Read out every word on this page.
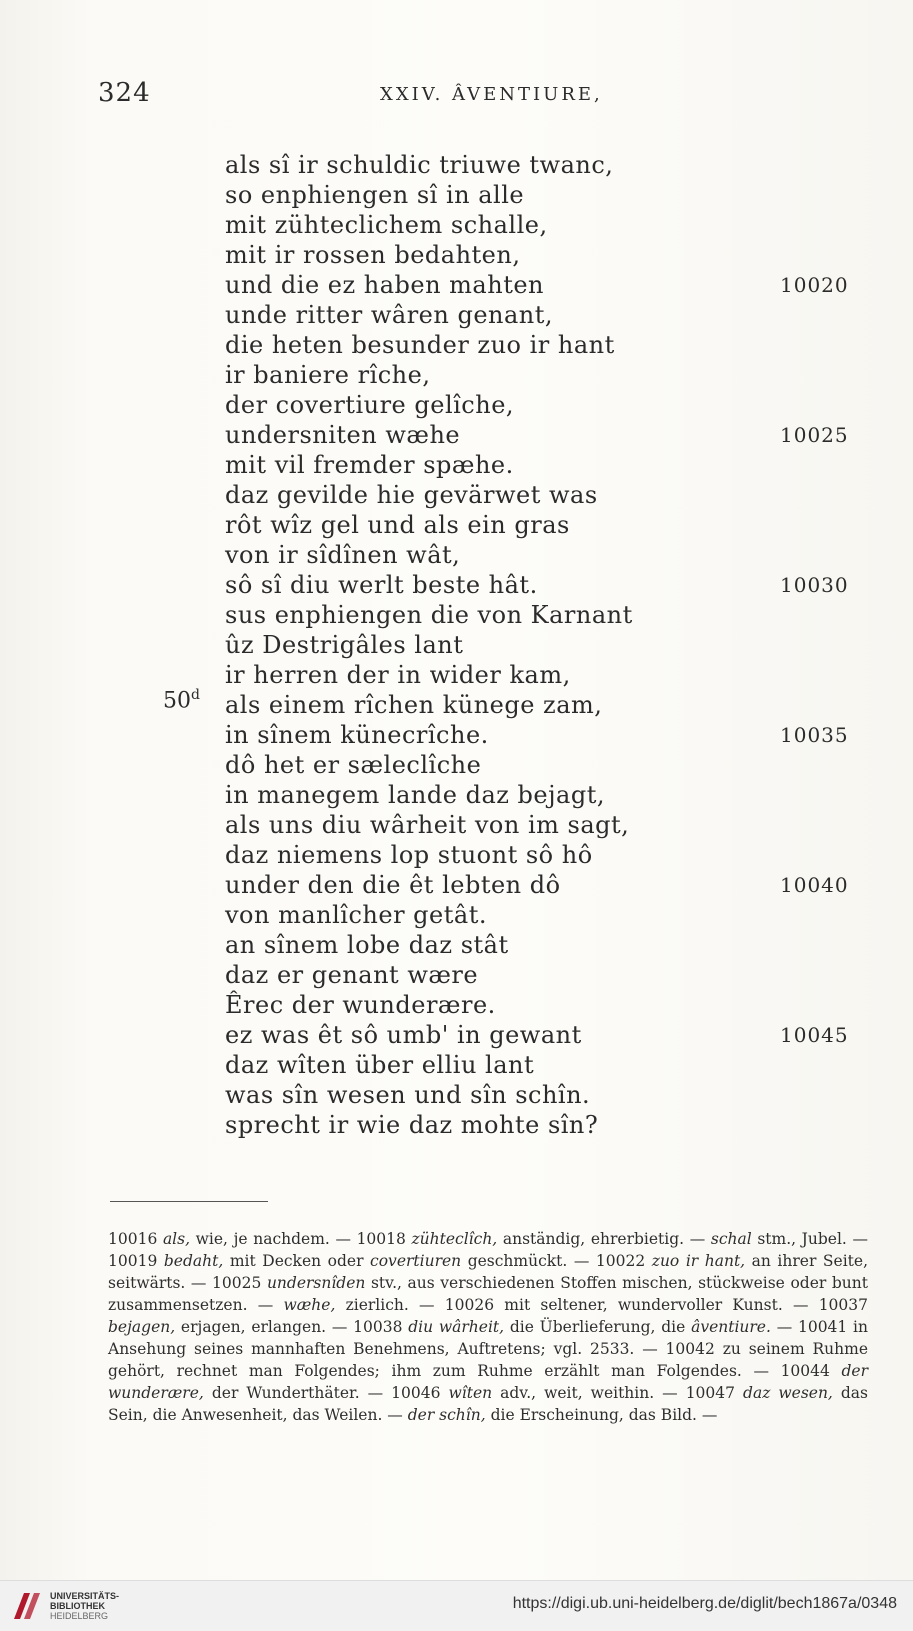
324	XXIV. ÂVENTIURE,
als sî ir schuldic triuwe twanc,
so enphiengen sî in alle
mit zühteclichem schalle,
mit ir rossen bedahten,
und die ez haben mahten
unde ritter wâren genant,
die heten besunder zuo ir hant
ir baniere rîche,
der covertiure gelîche,
undersniten wæhe
mit vil fremder spæhe.
daz gevilde hie gevärwet was
rôt wîz gel und als ein gras
von ir sîdînen wât,
sô sî diu werlt beste hât.
sus enphiengen die von Karnant
ûz Destrigâles lant
ir herren der in wider kam,
als einem rîchen künege zam,
in sînem künecrîche.
dô het er sæleclîche
in manegem lande daz bejagt,
als uns diu wârheit von im sagt,
daz niemens lop stuont sô hô
under den die êt lebten dô
von manlîcher getât.
an sînem lobe daz stât
daz er genant wære
Êrec der wunderære.
ez was êt sô umb' in gewant
daz wîten über elliu lant
was sîn wesen und sîn schîn.
sprecht ir wie daz mohte sîn?
10020
10025
10030
10035
10040
10045
50$^d$

10016 als, wie, je nachdem. — 10018 zühteclîch, anständig, ehrerbietig. — schal stm., Jubel. — 10019 bedaht, mit Decken oder covertiuren geschmückt. — 10022 zuo ir hant, an ihrer Seite, seitwärts. — 10025 undersnîden stv., aus verschiedenen Stoffen mischen, stückweise oder bunt zusammensetzen. — wæhe, zierlich. — 10026 mit seltener, wundervoller Kunst. — 10037 bejagen, erjagen, erlangen. — 10038 diu wârheit, die Überlieferung, die âventiure. — 10041 in Ansehung seines mannhaften Benehmens, Auftretens; vgl. 2533. — 10042 zu seinem Ruhme gehört, rechnet man Folgendes; ihm zum Ruhme erzählt man Folgendes. — 10044 der wunderære, der Wunderthäter. — 10046 wîten adv., weit, weithin. — 10047 daz wesen, das Sein, die Anwesenheit, das Weilen. — der schîn, die Erscheinung, das Bild. —

UNIVERSITÄTS-
BIBLIOTHEK
HEIDELBERG
https://digi.ub.uni-heidelberg.de/diglit/bech1867a/0348
